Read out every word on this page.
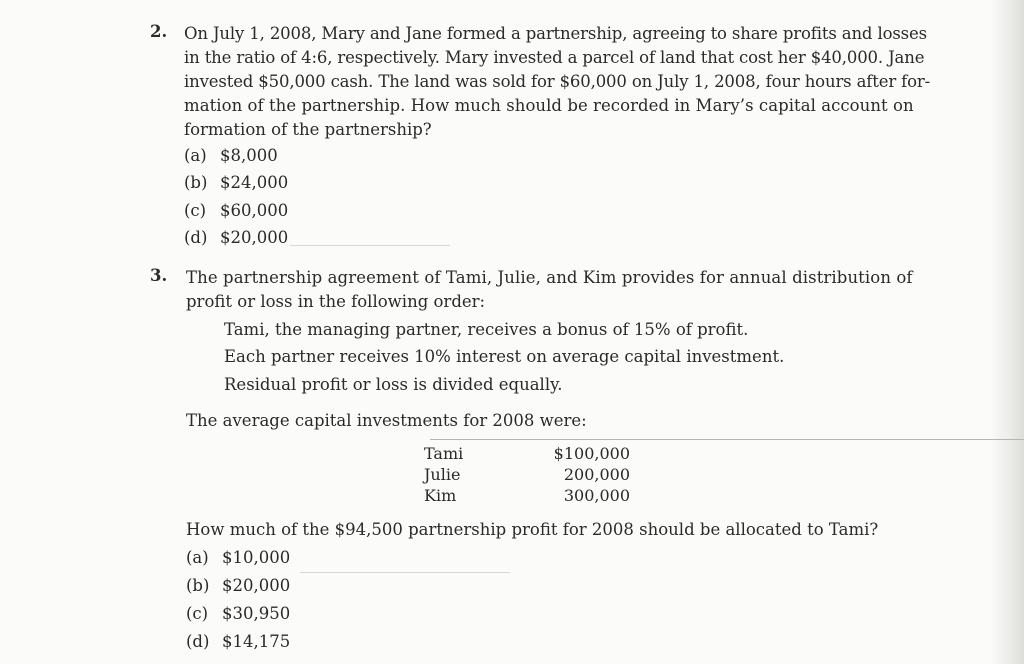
2. On July 1, 2008, Mary and Jane formed a partnership, agreeing to share profits and losses
in the ratio of 4:6, respectively. Mary invested a parcel of land that cost her $40,000. Jane
invested $50,000 cash. The land was sold for $60,000 on July 1, 2008, four hours after for-
mation of the partnership. How much should be recorded in Mary’s capital account on
formation of the partnership?
(a) $8,000
(b) $24,000
(c) $60,000
(d) $20,000
3. The partnership agreement of Tami, Julie, and Kim provides for annual distribution of
profit or loss in the following order:
Tami, the managing partner, receives a bonus of 15% of profit.
Each partner receives 10% interest on average capital investment.
Residual profit or loss is divided equally.
The average capital investments for 2008 were:
Tami	$100,000
Julie	200,000
Kim	300,000
How much of the $94,500 partnership profit for 2008 should be allocated to Tami?
(a) $10,000
(b) $20,000
(c) $30,950
(d) $14,175
